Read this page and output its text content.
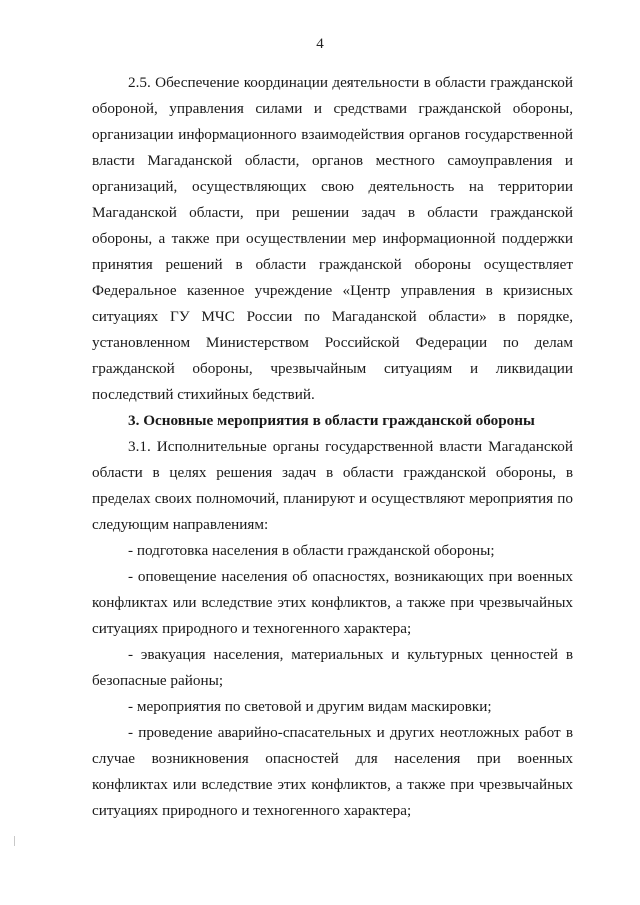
4

2.5. Обеспечение координации деятельности в области гражданской обороной, управления силами и средствами гражданской обороны, организации информационного взаимодействия органов государственной власти Магаданской области, органов местного самоуправления и организаций, осуществляющих свою деятельность на территории Магаданской области, при решении задач в области гражданской обороны, а также при осуществлении мер информационной поддержки принятия решений в области гражданской обороны осуществляет Федеральное казенное учреждение «Центр управления в кризисных ситуациях ГУ МЧС России по Магаданской области» в порядке, установленном Министерством Российской Федерации по делам гражданской обороны, чрезвычайным ситуациям и ликвидации последствий стихийных бедствий.

3. Основные мероприятия в области гражданской обороны

3.1. Исполнительные органы государственной власти Магаданской области в целях решения задач в области гражданской обороны, в пределах своих полномочий, планируют и осуществляют мероприятия по следующим направлениям:

- подготовка населения в области гражданской обороны;

- оповещение населения об опасностях, возникающих при военных конфликтах или вследствие этих конфликтов, а также при чрезвычайных ситуациях природного и техногенного характера;

- эвакуация населения, материальных и культурных ценностей в безопасные районы;

- мероприятия по световой и другим видам маскировки;

- проведение аварийно-спасательных и других неотложных работ в случае возникновения опасностей для населения при военных конфликтах или вследствие этих конфликтов, а также при чрезвычайных ситуациях природного и техногенного характера;
